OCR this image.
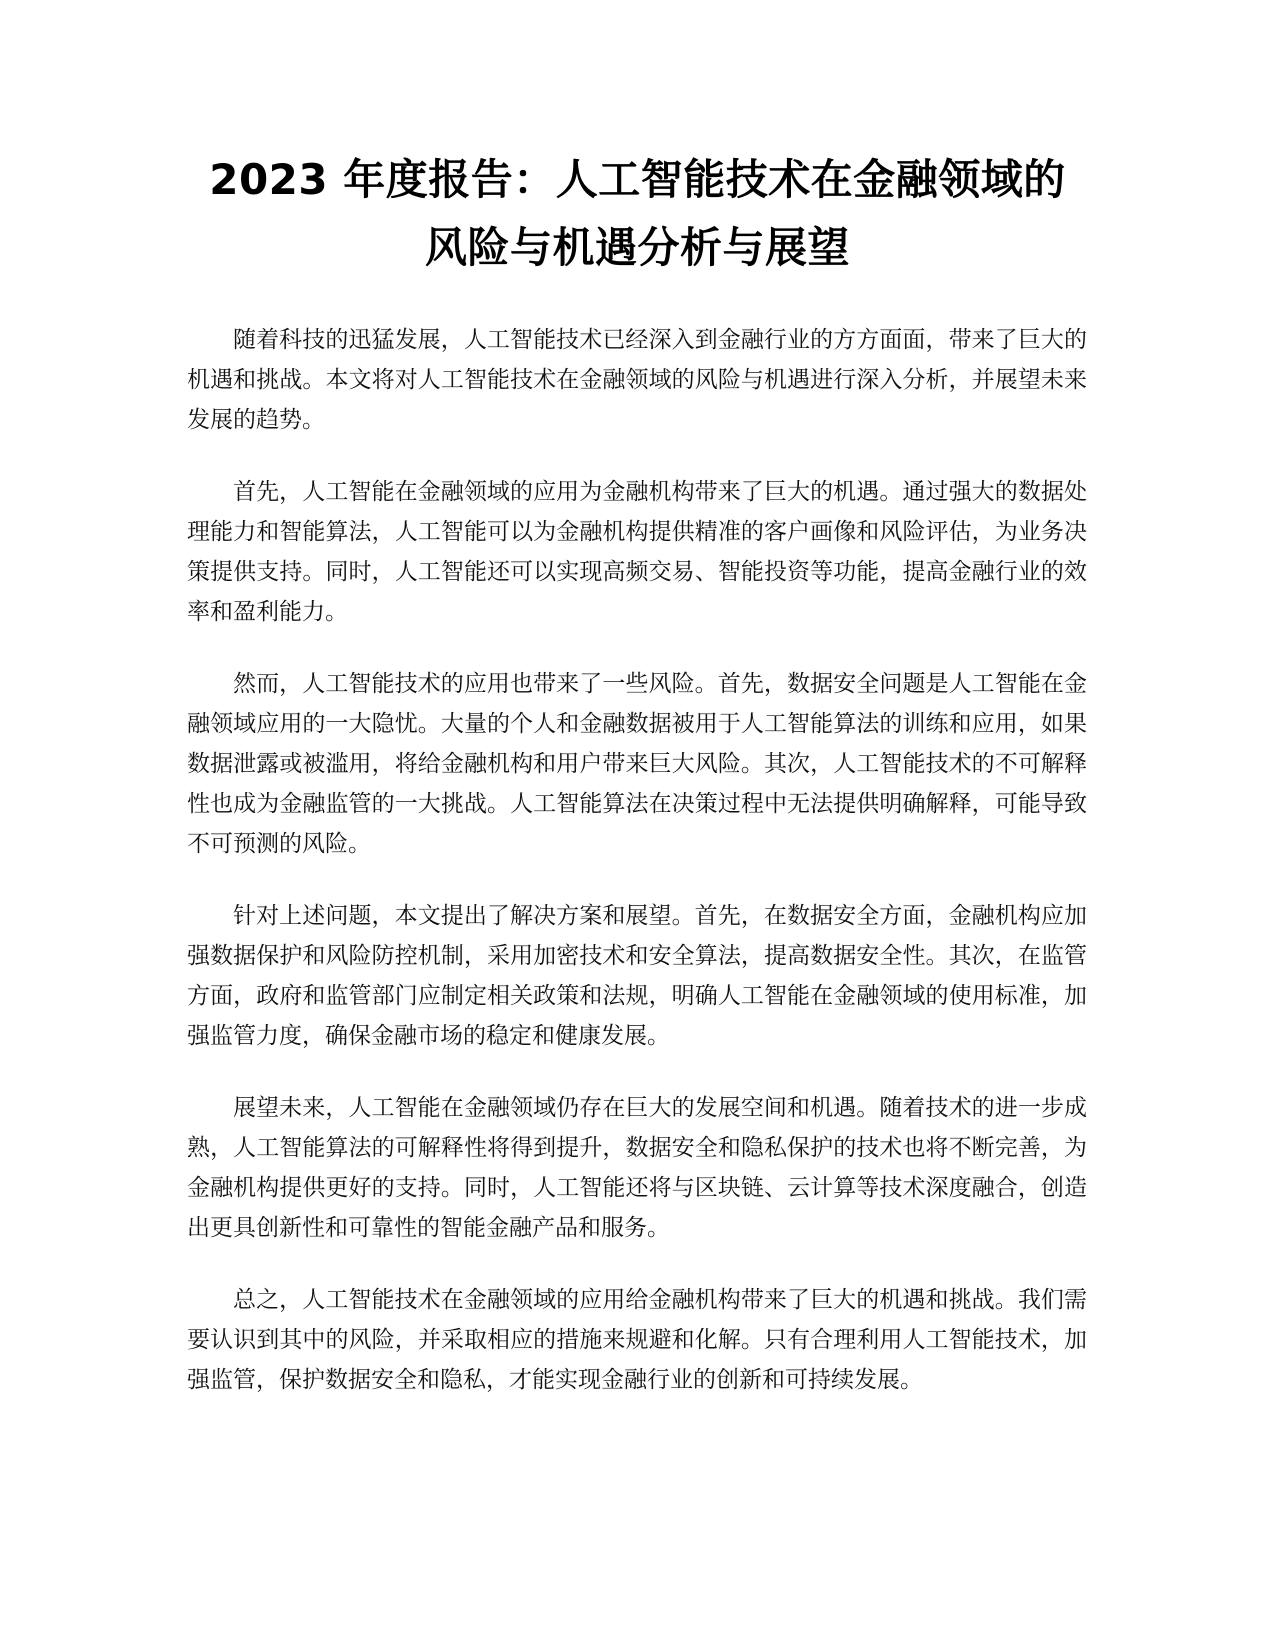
2023 年度报告：人工智能技术在金融领域的
风险与机遇分析与展望

随着科技的迅猛发展，人工智能技术已经深入到金融行业的方方面面，带来了巨大的机遇和挑战。本文将对人工智能技术在金融领域的风险与机遇进行深入分析，并展望未来发展的趋势。

首先，人工智能在金融领域的应用为金融机构带来了巨大的机遇。通过强大的数据处理能力和智能算法，人工智能可以为金融机构提供精准的客户画像和风险评估，为业务决策提供支持。同时，人工智能还可以实现高频交易、智能投资等功能，提高金融行业的效率和盈利能力。

然而，人工智能技术的应用也带来了一些风险。首先，数据安全问题是人工智能在金融领域应用的一大隐忧。大量的个人和金融数据被用于人工智能算法的训练和应用，如果数据泄露或被滥用，将给金融机构和用户带来巨大风险。其次，人工智能技术的不可解释性也成为金融监管的一大挑战。人工智能算法在决策过程中无法提供明确解释，可能导致不可预测的风险。

针对上述问题，本文提出了解决方案和展望。首先，在数据安全方面，金融机构应加强数据保护和风险防控机制，采用加密技术和安全算法，提高数据安全性。其次，在监管方面，政府和监管部门应制定相关政策和法规，明确人工智能在金融领域的使用标准，加强监管力度，确保金融市场的稳定和健康发展。

展望未来，人工智能在金融领域仍存在巨大的发展空间和机遇。随着技术的进一步成熟，人工智能算法的可解释性将得到提升，数据安全和隐私保护的技术也将不断完善，为金融机构提供更好的支持。同时，人工智能还将与区块链、云计算等技术深度融合，创造出更具创新性和可靠性的智能金融产品和服务。

总之，人工智能技术在金融领域的应用给金融机构带来了巨大的机遇和挑战。我们需要认识到其中的风险，并采取相应的措施来规避和化解。只有合理利用人工智能技术，加强监管，保护数据安全和隐私，才能实现金融行业的创新和可持续发展。
